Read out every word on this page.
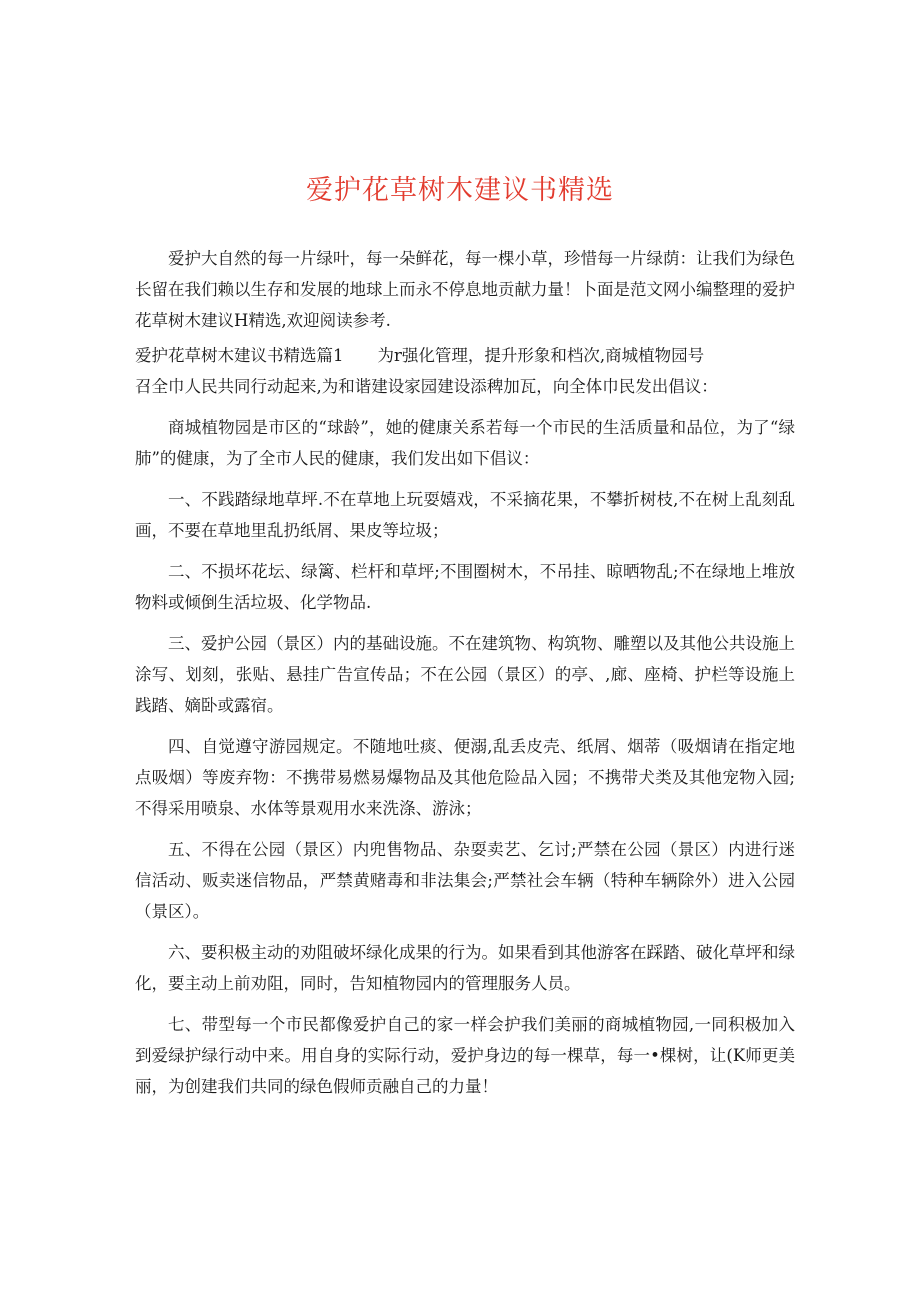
爱护花草树木建议书精选

爱护大自然的每一片绿叶，每一朵鲜花，每一棵小草，珍惜每一片绿荫：让我们为绿色长留在我们赖以生存和发展的地球上而永不停息地贡献力量！卜面是范文网小编整理的爱护花草树木建议H精选,欢迎阅读参考.

爱护花草树木建议书精选篇1 为r强化管理，提升形象和档次,商城植物园号

召全巾人民共同行动起来,为和谐建设家园建设添稗加瓦，向全体巾民发出倡议：

商城植物园是市区的“球龄”，她的健康关系若每一个市民的生活质量和品位，为了“绿肺”的健康，为了全市人民的健康，我们发出如下倡议：

一、不践踏绿地草坪.不在草地上玩耍嬉戏，不采摘花果，不攀折树枝,不在树上乱刻乱画，不要在草地里乱扔纸屑、果皮等垃圾；

二、不损坏花坛、绿篱、栏杆和草坪;不围圈树木，不吊挂、晾晒物乱;不在绿地上堆放物料或倾倒生活垃圾、化学物品.

三、爱护公园（景区）内的基础设施。不在建筑物、构筑物、雕塑以及其他公共设施上涂写、划刻，张贴、悬挂广告宣传品；不在公园（景区）的亭、,廊、座椅、护栏等设施上践踏、嫡卧或露宿。

四、自觉遵守游园规定。不随地吐痰、便溺,乱丢皮壳、纸屑、烟蒂（吸烟请在指定地点吸烟）等废弃物：不携带易燃易爆物品及其他危险品入园；不携带犬类及其他宠物入园;不得采用喷泉、水体等景观用水来洗涤、游泳；

五、不得在公园（景区）内兜售物品、杂耍卖艺、乞讨;严禁在公园（景区）内进行迷信活动、贩卖迷信物品，严禁黄赌毒和非法集会;严禁社会车辆（特种车辆除外）进入公园（景区）。

六、要积极主动的劝阻破坏绿化成果的行为。如果看到其他游客在踩踏、破化草坪和绿化，要主动上前劝阻，同时，告知植物园内的管理服务人员。

七、带型每一个市民都像爱护自己的家一样会护我们美丽的商城植物园,一同积极加入到爱绿护绿行动中来。用自身的实际行动，爱护身边的每一棵草，每一•棵树，让(K师更美丽，为创建我们共同的绿色假师贡融自己的力量！
